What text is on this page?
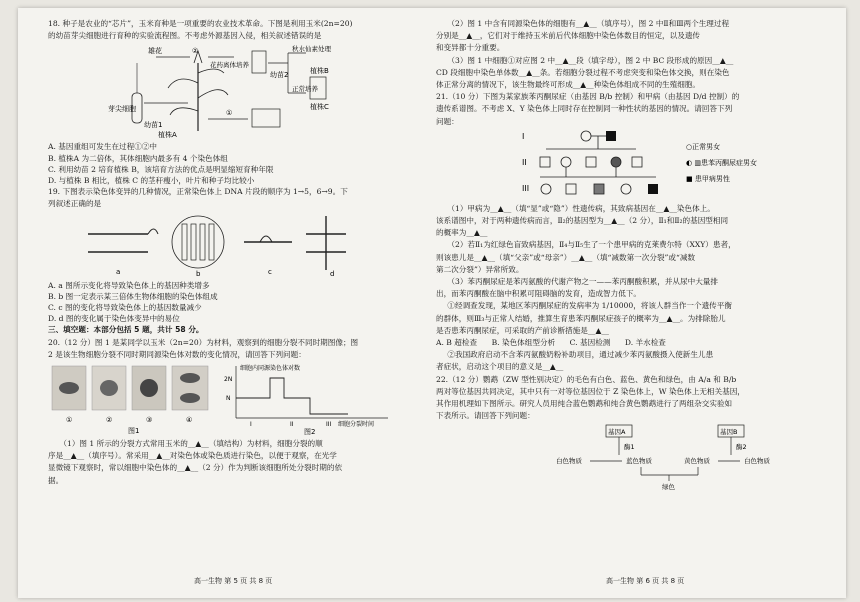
18. 种子是农业的“芯片”，玉米育种是一项重要的农业技术革命。下图是利用玉米(2n=20)

的幼苗芽尖细胞进行育种的实验流程图。不考虑外源基因入侵，相关叙述错误的是

雄花	②
花药离体培养
幼苗2
秋水仙素处理
植株B
正常培养
植株C
芽尖细胞
幼苗1
植株A
①

A. 基因重组可发生在过程①②中

B. 植株A 为二倍体，其体细胞内最多有 4 个染色体组

C. 利用幼苗 2 培育植株 B，该培育方法的优点是明显缩短育种年限

D. 与植株 B 相比，植株 C 的茎秆瘦小，叶片和种子均比较小

19. 下图表示染色体变异的几种情况，正常染色体上 DNA 片段的顺序为 1→5，6→9。下

列叙述正确的是

a	b	c	d

A. a 图所示变化将导致染色体上的基因种类增多

B. b 图一定表示某三倍体生物体细胞的染色体组成

C. c 图的变化将导致染色体上的基因数量减少

D. d 图的变化属于染色体变异中的易位

三、填空题：本部分包括 5 题，共计 58 分。

20.（12 分）图 1 是某同学以玉米（2n=20）为材料，观察到的细胞分裂不同时期图像；图

2 是该生物细胞分裂不同时期同源染色体对数的变化情况，请回答下列问题：

①	②	③	④
图1
细胞内同源染色体对数
2N
N
细胞分裂时间
I	II	III
图2

（1）图 1 所示的分裂方式常用玉米的__▲__（填结构）为材料，细胞分裂的顺

序是__▲__（填序号）。常采用__▲__对染色体或染色质进行染色，以便于观察，在光学

显微镜下观察时，常以细胞中染色体的__▲__（2 分）作为判断该细胞所处分裂时期的依

据。

高一生物 第 5 页 共 8 页

（2）图 1 中含有同源染色体的细胞有__▲__（填序号），图 2 中Ⅱ和Ⅲ两个生理过程

分别是__▲__，它们对于维持玉米前后代体细胞中染色体数目的恒定，以及遗传

和变异都十分重要。

（3）图 1 中细胞①对应图 2 中__▲__段（填字母），图 2 中 BC 段形成的原因__▲__

CD 段细胞中染色单体数__▲__条。若细胞分裂过程不考虑突变和染色体交换，则在染色

体正常分离的情况下，该生物最终可形成__▲__种染色体组成不同的生殖细胞。

21.（10 分）下图为某家族苯丙酮尿症（由基因 B/b 控制）和甲病（由基因 D/d 控制）的

遗传系谱图。不考虑 X、Y 染色体上同时存在控制同一种性状的基因的情况。请回答下列

问题：

I
II
III
○正常男女
◐ ▥患苯丙酮尿症男女
■ 患甲病男性

（1）甲病为__▲__（填“显”或“隐”）性遗传病，其致病基因在__▲__染色体上。

该系谱图中，对于两种遗传病而言，Ⅱ₂的基因型为__▲__（2 分），Ⅱ₁和Ⅱ₂的基因型相同

的概率为__▲__

（2）若Ⅱ₁为红绿色盲致病基因，Ⅱ₄与Ⅱ₅生了一个患甲病的克莱费尔特（XXY）患者，

则该患儿是__▲__（填“父亲”或“母亲”）__▲__（填“减数第一次分裂”或“减数

第二次分裂”）异常所致。

（3）苯丙酮尿症是苯丙氨酸的代谢产物之一——苯丙酮酸积累，并从尿中大量排

出，而苯丙酮酸在脑中积累可阻碍脑的发育，造成智力低下。

①经调查发现，某地区苯丙酮尿症的发病率为 1/10000，将该人群当作一个遗传平衡

的群体，则Ⅲ₃与正常人结婚，推算生育患苯丙酮尿症孩子的概率为__▲__。为排除胎儿

是否患苯丙酮尿症，可采取的产前诊断措施是__▲__

A. B 超检查 B. 染色体组型分析 C. 基因检测 D. 羊水检查

②我国政府启动不含苯丙氨酸奶粉补助项目，通过减少苯丙氨酸摄入使新生儿患

者症状，启动这个项目的意义是__▲__

22.（12 分）鹦鹉（ZW 型性别决定）的毛色有白色、蓝色、黄色和绿色，由 A/a 和 B/b

两对等位基因共同决定，其中只有一对等位基因位于 Z 染色体上，W 染色体上无相关基因，

其作用机理如下图所示。研究人员用纯合蓝色鹦鹉和纯合黄色鹦鹉进行了两组杂交实验如

下表所示。请回答下列问题：

基因A	基因B
酶1	酶2
白色物质	蓝色物质	黄色物质	白色物质
绿色
高一生物 第 6 页 共 8 页
